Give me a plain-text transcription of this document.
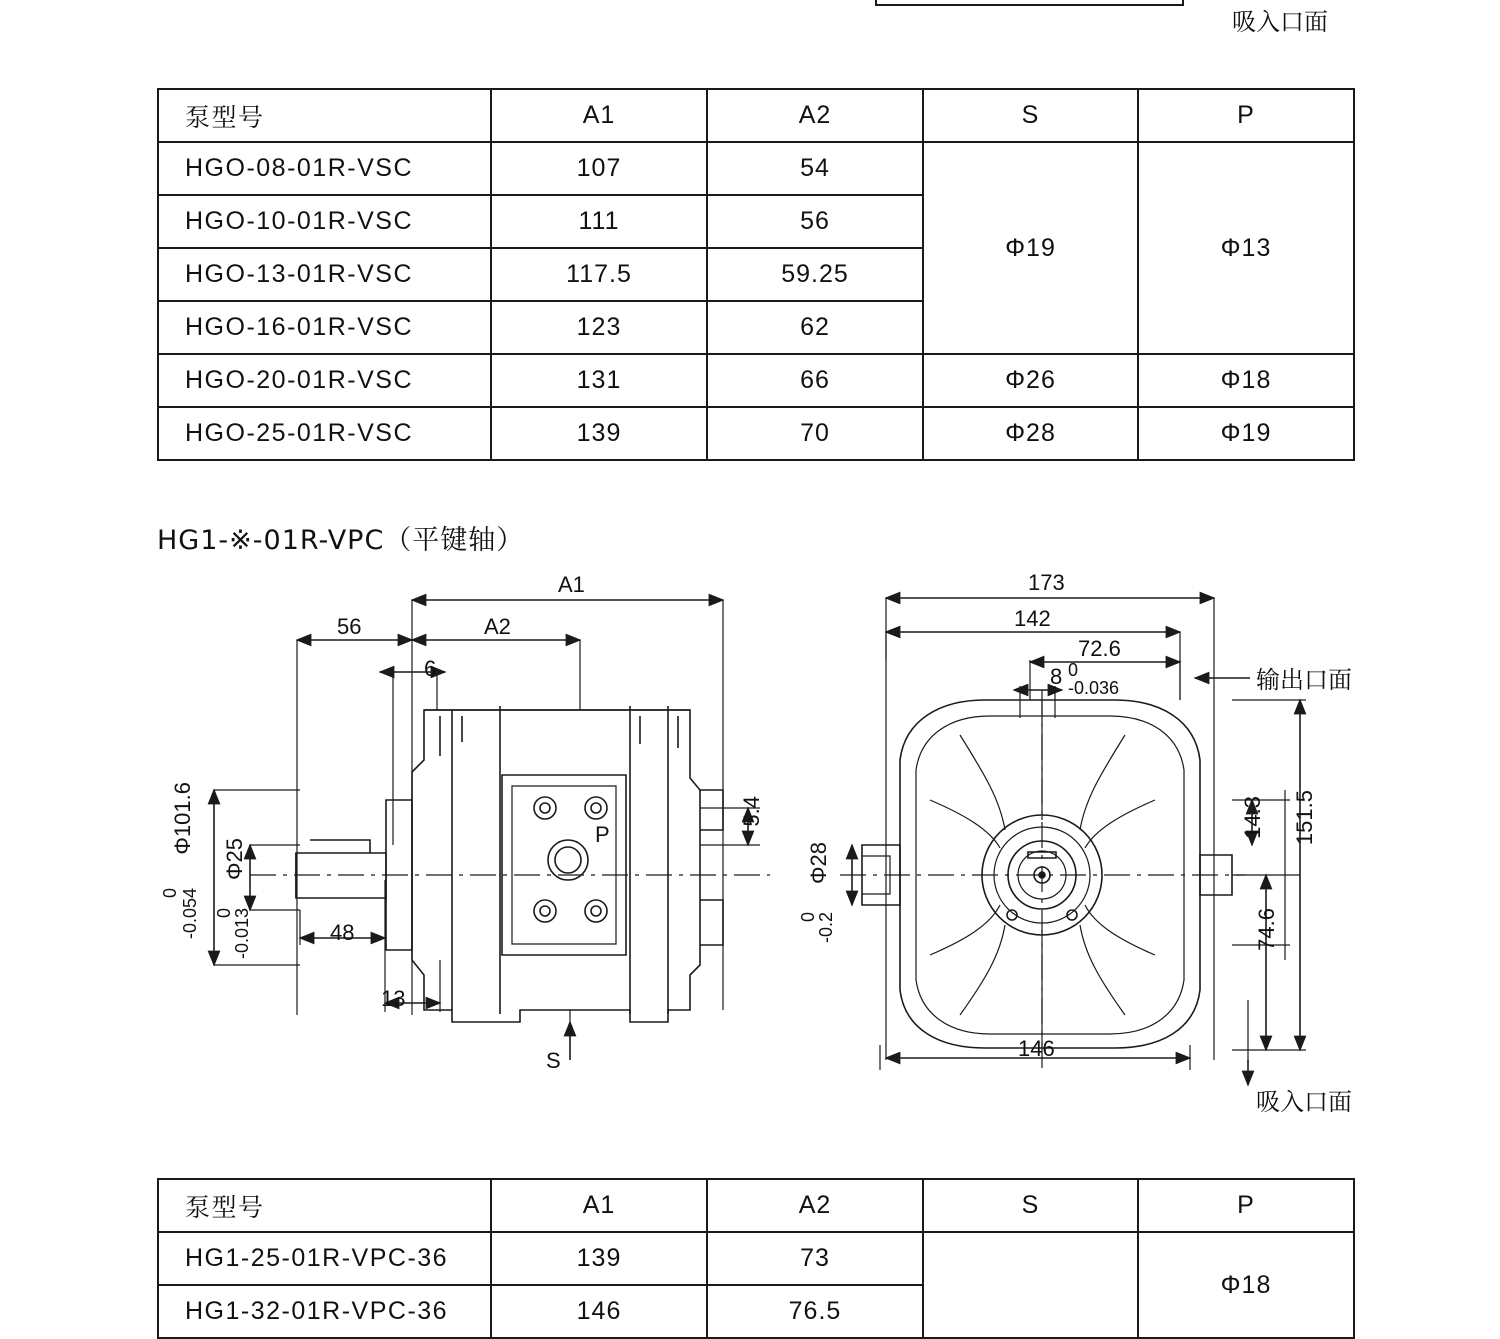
吸入口面
泵型号	A1	A2	S	P
HGO-08-01R-VSC	107	54	Φ19	Φ13
HGO-10-01R-VSC	111	56		
HGO-13-01R-VSC	117.5	59.25		
HGO-16-01R-VSC	123	62		
HGO-20-01R-VSC	131	66	Φ26	Φ18
HGO-25-01R-VSC	139	70	Φ28	Φ19
HG1-※-01R-VPC（平键轴）
A1
A2
56
6
48
13
5.4
P
S
Φ101.6
0 -0.054
Φ25
0
-0.013
173
142
72.6
8 0
-0.036
Φ28
0
-0.2
151.5
14.3
74.6
146
输出口面
吸入口面
泵型号	A1	A2	S	P
HG1-25-01R-VPC-36	139	73		Φ18
HG1-32-01R-VPC-36	146	76.5		
